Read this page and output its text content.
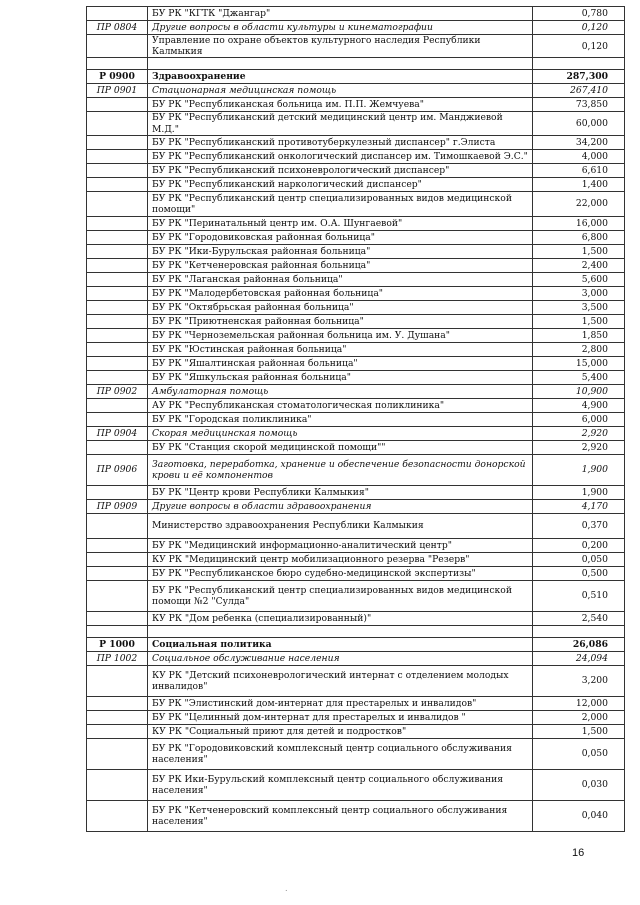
	БУ РК "КГТК "Джангар"	0,780
ПР 0804	Другие вопросы в области культуры и кинематографии	0,120
	Управление по охране объектов культурного наследия Республики Калмыкия	0,120

Р 0900	Здравоохранение	287,300
ПР 0901	Стационарная медицинская помощь	267,410
	БУ РК "Республиканская больница им. П.П. Жемчуева"	73,850
	БУ РК "Республиканский детский медицинский центр им. Манджиевой М.Д."	60,000
	БУ РК "Республиканский противотуберкулезный диспансер" г.Элиста	34,200
	БУ РК "Республиканский онкологический диспансер им. Тимошкаевой Э.С."	4,000
	БУ РК "Республиканский психоневрологический диспансер"	6,610
	БУ РК "Республиканский наркологический диспансер"	1,400
	БУ РК "Республиканский центр специализированных видов медицинской помощи"	22,000
	БУ РК "Перинатальный центр им. О.А. Шунгаевой"	16,000
	БУ РК "Городовиковская районная больница"	6,800
	БУ РК "Ики-Бурульская районная больница"	1,500
	БУ РК "Кетченеровская районная больница"	2,400
	БУ РК "Лаганская районная больница"	5,600
	БУ РК "Малодербетовская районная больница"	3,000
	БУ РК "Октябрьская районная больница"	3,500
	БУ РК "Приютненская районная больница"	1,500
	БУ РК "Черноземельская районная больница им. У. Душана"	1,850
	БУ РК "Юстинская районная больница"	2,800
	БУ РК "Яшалтинская районная больница"	15,000
	БУ РК "Яшкульская районная больница"	5,400
ПР 0902	Амбулаторная помощь	10,900
	АУ РК "Республиканская стоматологическая поликлиника"	4,900
	БУ РК "Городская поликлиника"	6,000
ПР 0904	Скорая медицинская помощь	2,920
	БУ РК "Станция скорой медицинской помощи""	2,920
ПР 0906	Заготовка, переработка, хранение и обеспечение безопасности донорской крови и её компонентов	1,900
	БУ РК "Центр крови Республики Калмыкия"	1,900
ПР 0909	Другие вопросы в области здравоохранения	4,170
	Министерство здравоохранения Республики Калмыкия	0,370
	БУ РК "Медицинский информационно-аналитический центр"	0,200
	КУ РК "Медицинский центр мобилизационного резерва "Резерв"	0,050
	БУ РК "Республиканское бюро судебно-медицинской экспертизы"	0,500
	БУ РК "Республиканский центр специализированных видов медицинской помощи №2 "Сулда"	0,510
	КУ РК "Дом ребенка (специализированный)"	2,540

Р 1000	Социальная политика	26,086
ПР 1002	Социальное обслуживание населения	24,094
	КУ РК "Детский психоневрологический интернат с отделением молодых инвалидов"	3,200
	БУ РК "Элистинский дом-интернат для престарелых и инвалидов"	12,000
	БУ РК "Целинный дом-интернат для престарелых и инвалидов "	2,000
	КУ РК "Социальный приют для детей и подростков"	1,500
	БУ РК "Городовиковский комплексный центр социального обслуживания населения"	0,050
	БУ РК Ики-Бурульский комплексный центр социального обслуживания населения"	0,030
	БУ РК "Кетченеровский комплексный центр социального обслуживания населения"	0,040
16
.
